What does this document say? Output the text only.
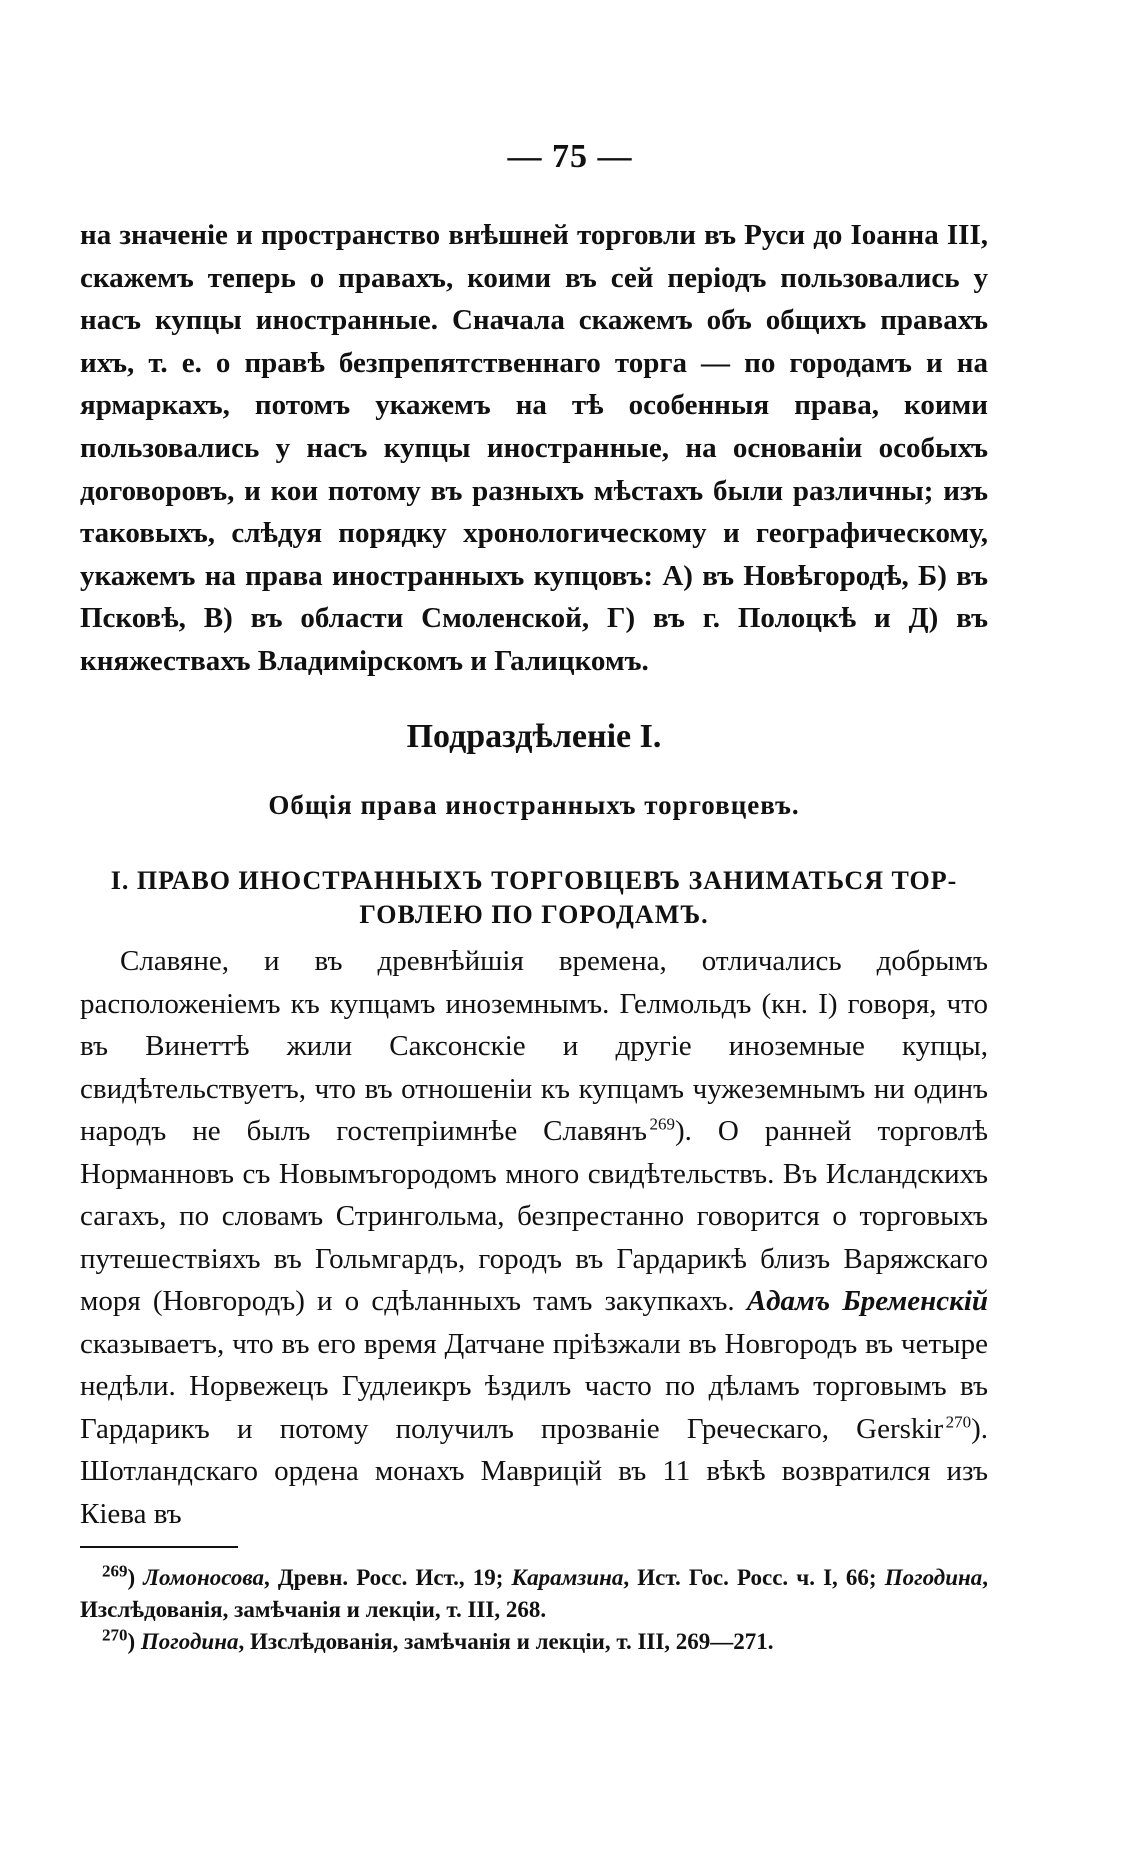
— 75 —

на значеніе и пространство внѣшней торговли въ Руси до Іоанна III, скажемъ теперь о правахъ, коими въ сей періодъ пользовались у насъ купцы иностранные. Сначала скажемъ объ общихъ правахъ ихъ, т. е. о правѣ безпрепятственнаго торга — по городамъ и на ярмаркахъ, потомъ укажемъ на тѣ особенныя права, коими пользовались у насъ купцы иностранные, на основаніи особыхъ договоровъ, и кои потому въ разныхъ мѣстахъ были различны; изъ таковыхъ, слѣдуя порядку хронологическому и географическому, укажемъ на права иностранныхъ купцовъ: А) въ Новѣгородѣ, Б) въ Псковѣ, В) въ области Смоленской, Г) въ г. Полоцкѣ и Д) въ княжествахъ Владимірскомъ и Галицкомъ.

Подраздѣленіе I.
Общія права иностранныхъ торговцевъ.
I. ПРАВО ИНОСТРАННЫХЪ ТОРГОВЦЕВЪ ЗАНИМАТЬСЯ ТОР-
ГОВЛЕЮ ПО ГОРОДАМЪ.

Славяне, и въ древнѣйшія времена, отличались добрымъ расположеніемъ къ купцамъ иноземнымъ. Гелмольдъ (кн. I) говоря, что въ Винеттѣ жили Саксонскіе и другіе иноземные купцы, свидѣтельствуетъ, что въ отношеніи къ купцамъ чужеземнымъ ни одинъ народъ не былъ гостепріимнѣе Славянъ  $^{269}$). О ранней торговлѣ Норманновъ съ Новымъгородомъ много свидѣтельствъ. Въ Исландскихъ сагахъ, по словамъ Стрингольма, безпрестанно говорится о торговыхъ путешествіяхъ въ Гольмгардъ, городъ въ Гардарикѣ близъ Варяжскаго моря (Новгородъ) и о сдѣланныхъ тамъ закупкахъ. Адамъ Бременскій сказываетъ, что въ его время Датчане пріѣзжали въ Новгородъ въ четыре недѣли. Норвежецъ Гудлеикръ ѣздилъ часто по дѣламъ торговымъ въ Гардарикъ и потому получилъ прозваніе Греческаго, Gerskir  $^{270}$). Шотландскаго ордена монахъ Маврицій въ 11 вѣкѣ возвратился изъ Кіева въ

$^{269}$) Ломоносова, Древн. Росс. Ист., 19; Карамзина, Ист. Гос. Росс. ч. I, 66; Погодина, Изслѣдованія, замѣчанія и лекціи, т. III, 268.

$^{270}$) Погодина, Изслѣдованія, замѣчанія и лекціи, т. III, 269—271.
